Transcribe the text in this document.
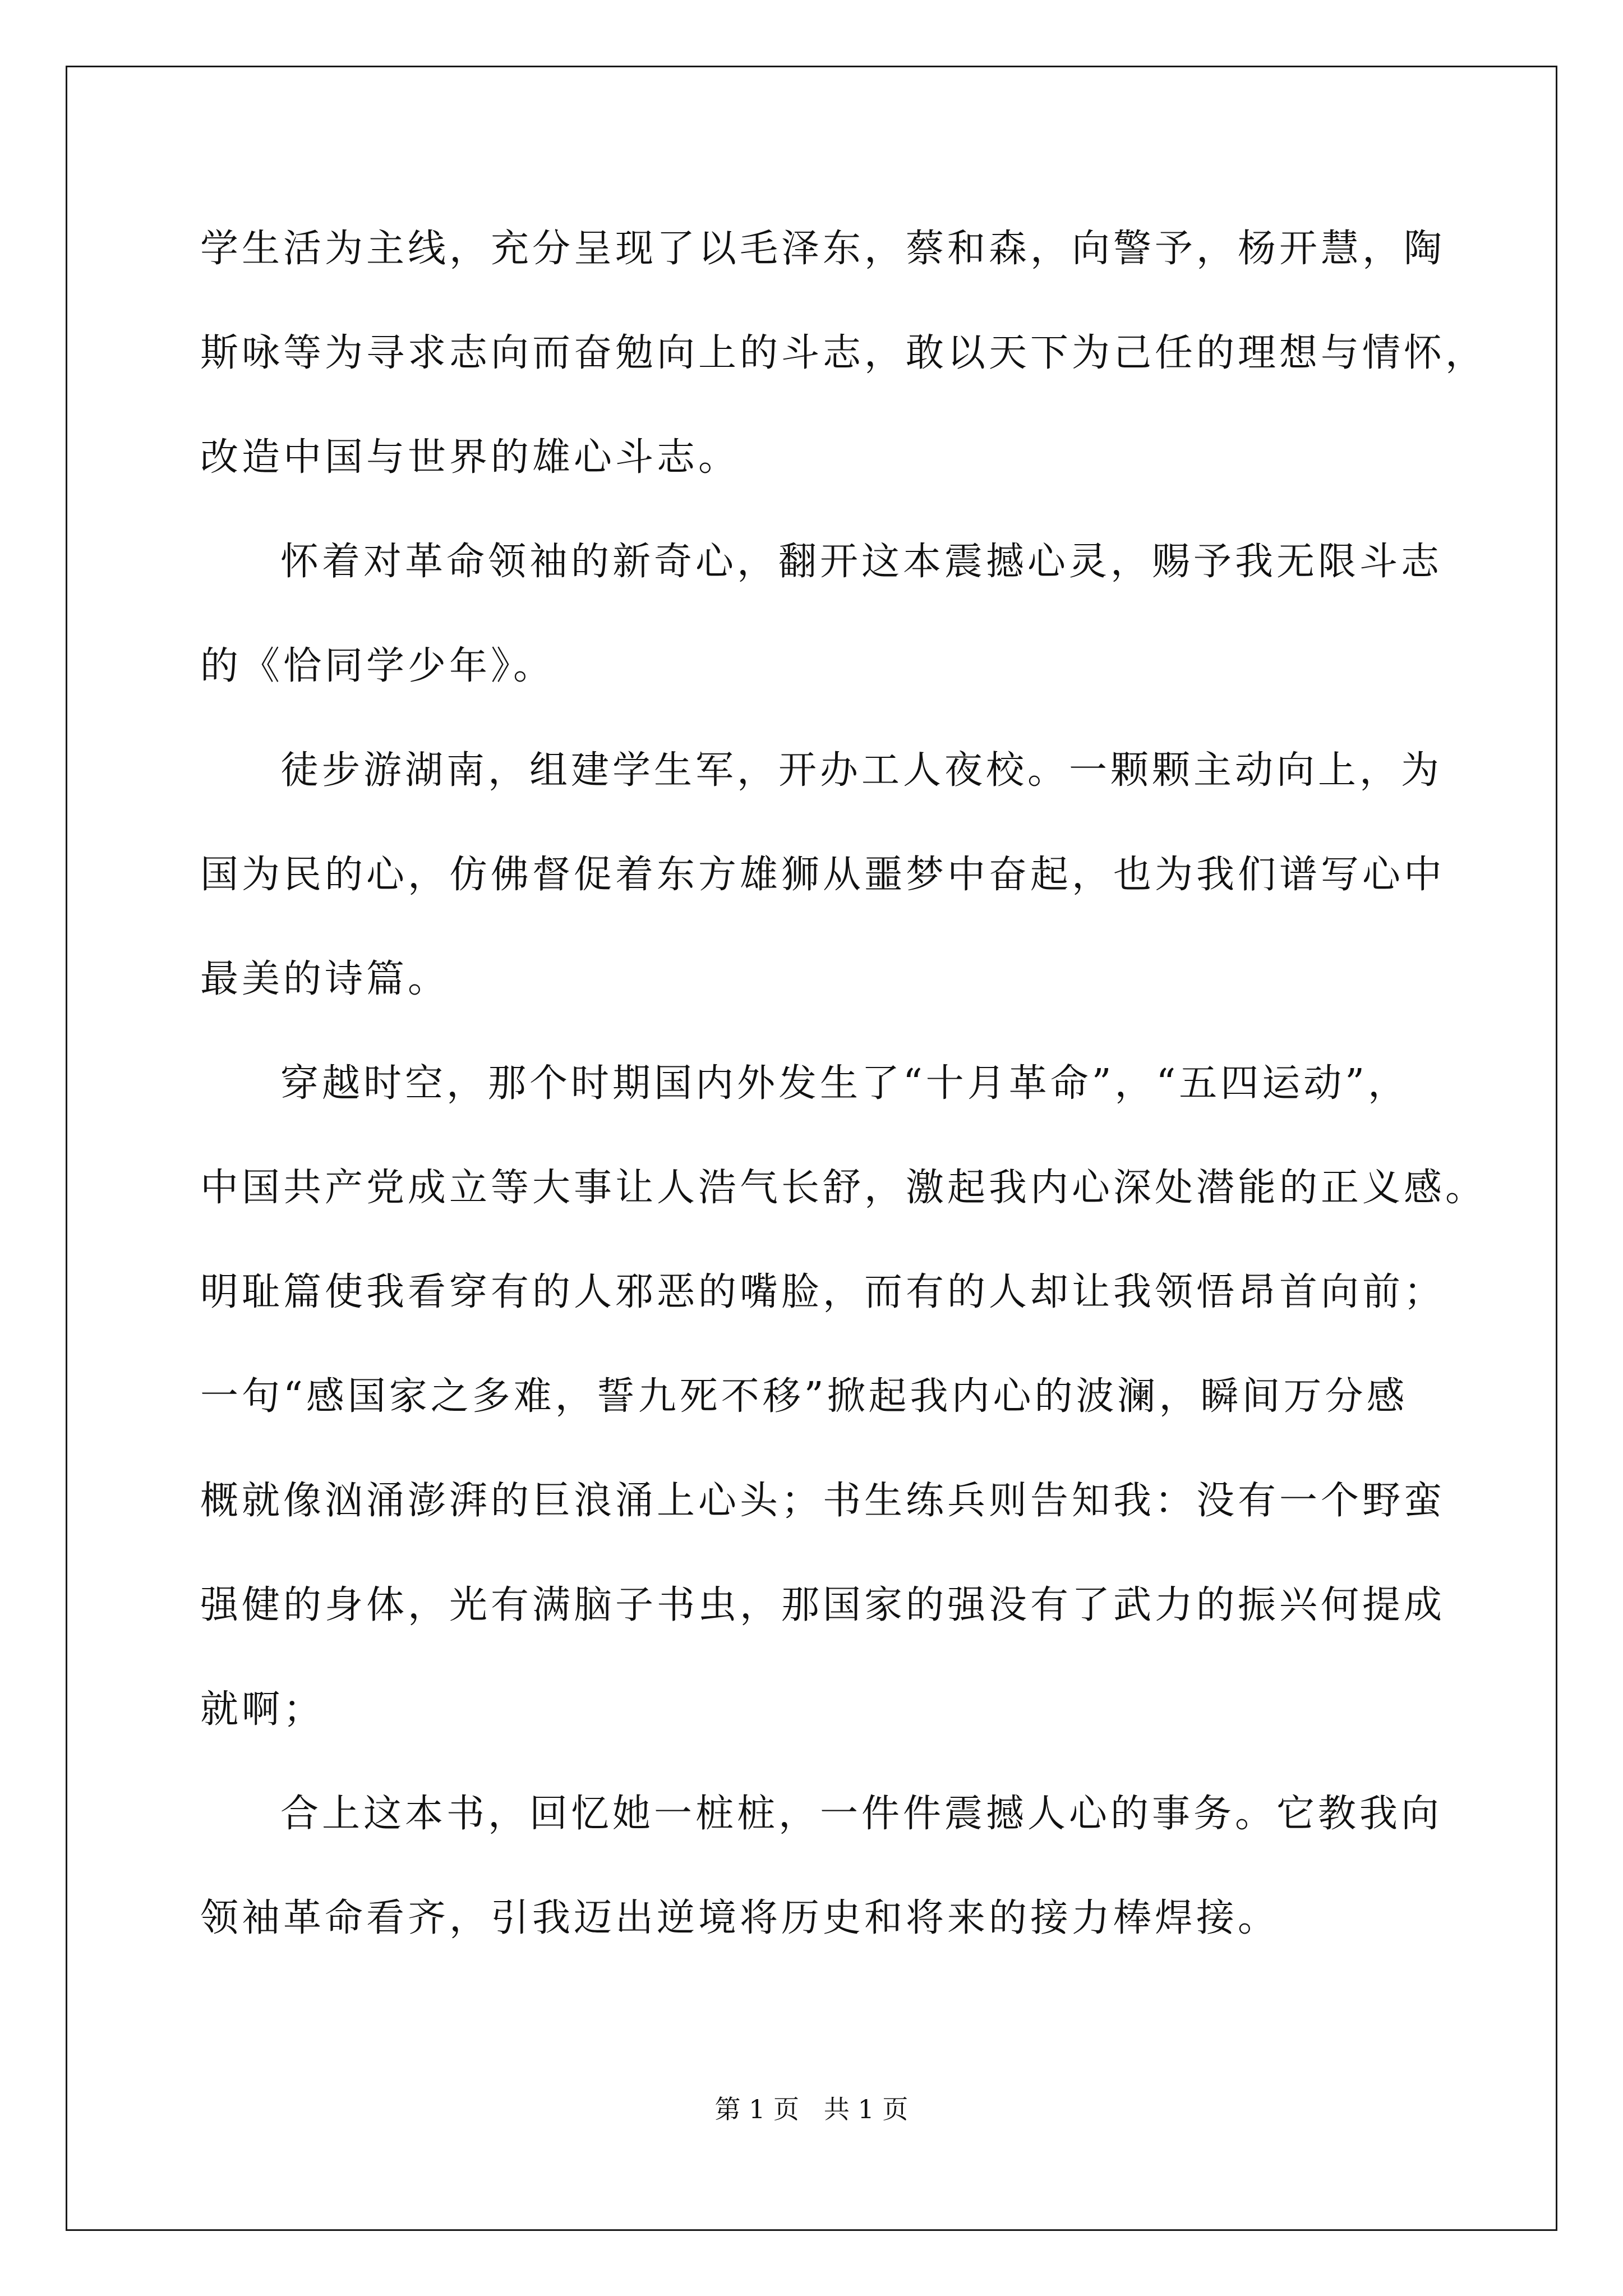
学生活为主线，充分呈现了以毛泽东，蔡和森，向警予，杨开慧，陶
斯咏等为寻求志向而奋勉向上的斗志，敢以天下为己任的理想与情怀，
改造中国与世界的雄心斗志。
怀着对革命领袖的新奇心，翻开这本震撼心灵，赐予我无限斗志
的《恰同学少年》。
徒步游湖南，组建学生军，开办工人夜校。一颗颗主动向上，为
国为民的心，仿佛督促着东方雄狮从噩梦中奋起，也为我们谱写心中
最美的诗篇。
穿越时空，那个时期国内外发生了“十月革命”，“五四运动”，
中国共产党成立等大事让人浩气长舒，激起我内心深处潜能的正义感。
明耻篇使我看穿有的人邪恶的嘴脸，而有的人却让我领悟昂首向前；
一句“感国家之多难，誓九死不移”掀起我内心的波澜，瞬间万分感
概就像汹涌澎湃的巨浪涌上心头；书生练兵则告知我：没有一个野蛮
强健的身体，光有满脑子书虫，那国家的强没有了武力的振兴何提成
就啊；
合上这本书，回忆她一桩桩，一件件震撼人心的事务。它教我向
领袖革命看齐，引我迈出逆境将历史和将来的接力棒焊接。
第 1 页   共 1 页
